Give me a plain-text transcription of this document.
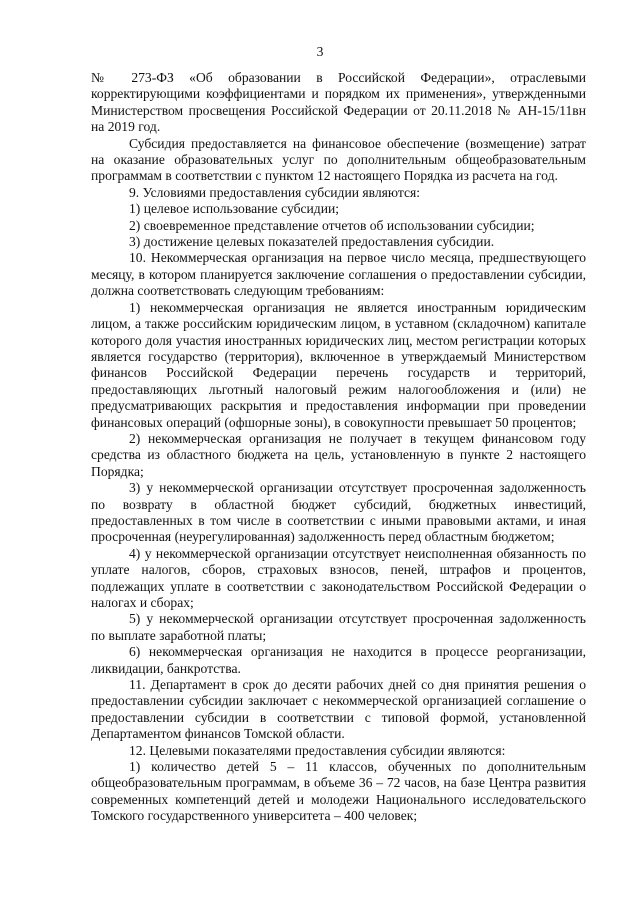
3

№ 273-ФЗ «Об образовании в Российской Федерации», отраслевыми корректирующими коэффициентами и порядком их применения», утвержденными Министерством просвещения Российской Федерации от 20.11.2018 № АН-15/11вн на 2019 год.

Субсидия предоставляется на финансовое обеспечение (возмещение) затрат на оказание образовательных услуг по дополнительным общеобразовательным программам в соответствии с пунктом 12 настоящего Порядка из расчета на год.

9. Условиями предоставления субсидии являются:

1) целевое использование субсидии;

2) своевременное представление отчетов об использовании субсидии;

3) достижение целевых показателей предоставления субсидии.

10. Некоммерческая организация на первое число месяца, предшествующего месяцу, в котором планируется заключение соглашения о предоставлении субсидии, должна соответствовать следующим требованиям:

1) некоммерческая организация не является иностранным юридическим лицом, а также российским юридическим лицом, в уставном (складочном) капитале которого доля участия иностранных юридических лиц, местом регистрации которых является государство (территория), включенное в утверждаемый Министерством финансов Российской Федерации перечень государств и территорий, предоставляющих льготный налоговый режим налогообложения и (или) не предусматривающих раскрытия и предоставления информации при проведении финансовых операций (офшорные зоны), в совокупности превышает 50 процентов;

2) некоммерческая организация не получает в текущем финансовом году средства из областного бюджета на цель, установленную в пункте 2 настоящего Порядка;

3) у некоммерческой организации отсутствует просроченная задолженность по возврату в областной бюджет субсидий, бюджетных инвестиций, предоставленных в том числе в соответствии с иными правовыми актами, и иная просроченная (неурегулированная) задолженность перед областным бюджетом;

4) у некоммерческой организации отсутствует неисполненная обязанность по уплате налогов, сборов, страховых взносов, пеней, штрафов и процентов, подлежащих уплате в соответствии с законодательством Российской Федерации о налогах и сборах;

5) у некоммерческой организации отсутствует просроченная задолженность по выплате заработной платы;

6) некоммерческая организация не находится в процессе реорганизации, ликвидации, банкротства.

11. Департамент в срок до десяти рабочих дней со дня принятия решения о предоставлении субсидии заключает с некоммерческой организацией соглашение о предоставлении субсидии в соответствии с типовой формой, установленной Департаментом финансов Томской области.

12. Целевыми показателями предоставления субсидии являются:

1) количество детей 5 – 11 классов, обученных по дополнительным общеобразовательным программам, в объеме 36 – 72 часов, на базе Центра развития современных компетенций детей и молодежи Национального исследовательского Томского государственного университета – 400 человек;
